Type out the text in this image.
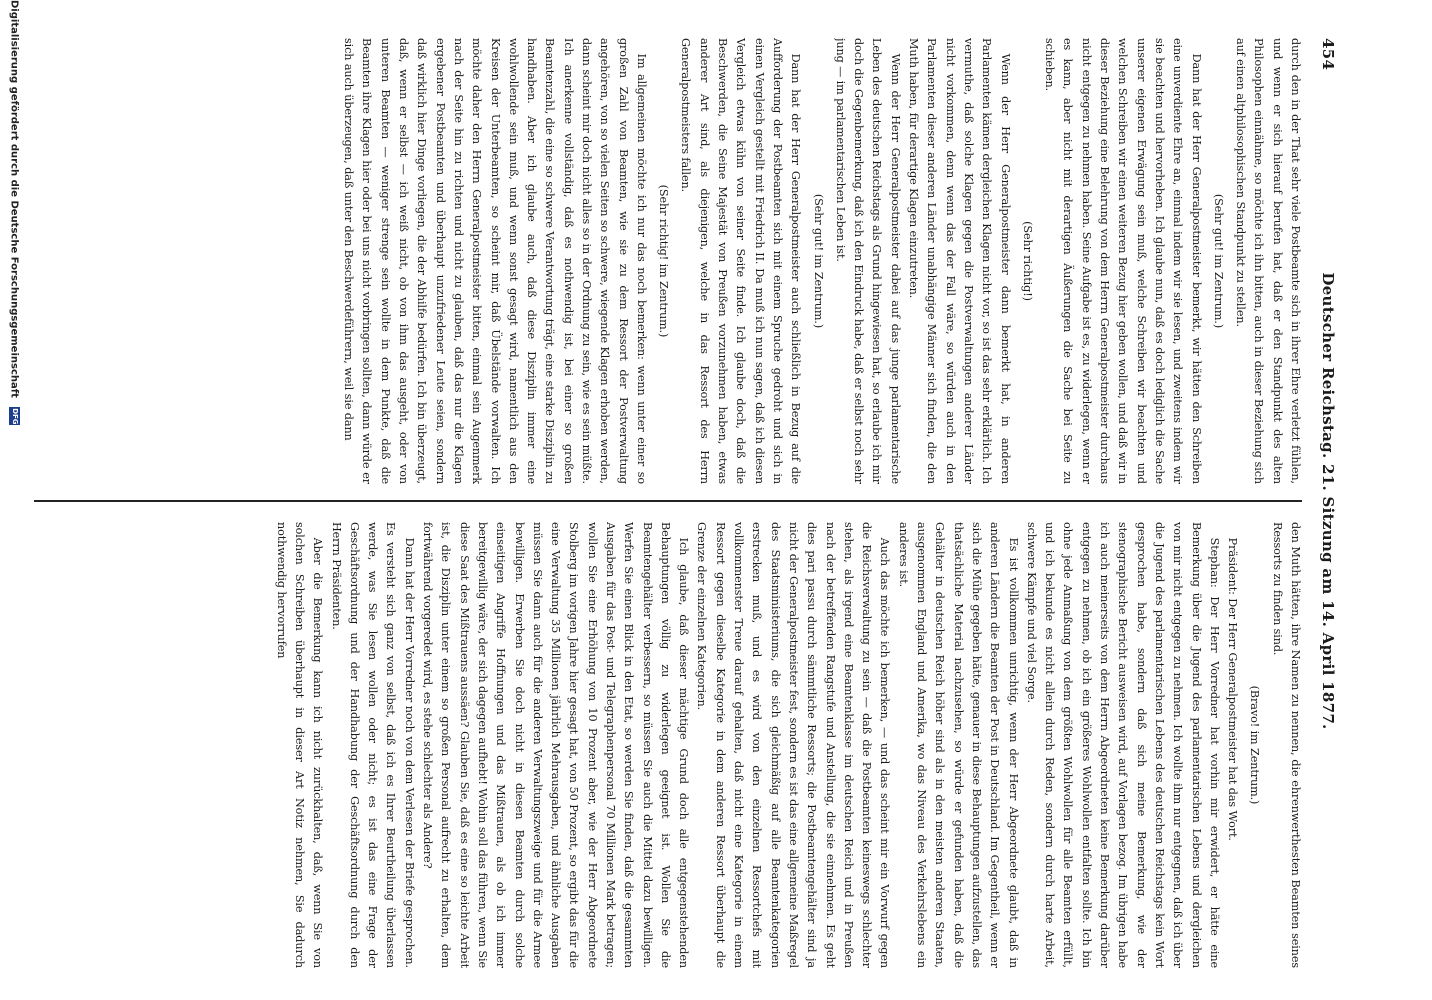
454
Deutscher Reichstag. 21. Sitzung am 14. April 1877.

durch den in der That sehr viele Postbeamte sich in ihrer Ehre verletzt fühlen, und wenn er sich hierauf berufen hat, daß er den Standpunkt des alten Philosophen einnähme, so möchte ich ihn bitten, auch in dieser Beziehung sich auf einen altphilosophischen Standpunkt zu stellen.

(Sehr gut! im Zentrum.)

Dann hat der Herr Generalpostmeister bemerkt, wir hätten den Schreiben eine unverdiente Ehre an, einmal indem wir sie lesen, und zweitens indem wir sie beachten und hervorheben. Ich glaube nun, daß es doch lediglich die Sache unserer eigenen Erwägung sein muß, welche Schreiben wir beachten und welchen Schreiben wir einen weiteren Bezug hier geben wollen, und daß wir in dieser Beziehung eine Belehrung von dem Herrn Generalpostmeister durchaus nicht entgegen zu nehmen haben. Seine Aufgabe ist es, zu widerlegen, wenn er es kann, aber nicht mit derartigen Äußerungen die Sache bei Seite zu schieben.

(Sehr richtig!)

Wenn der Herr Generalpostmeister dann bemerkt hat, in anderen Parlamenten kämen dergleichen Klagen nicht vor, so ist das sehr erklärlich. Ich vermuthe, daß solche Klagen gegen die Postverwaltungen anderer Länder nicht vorkommen, denn wenn das der Fall wäre, so würden auch in den Parlamenten dieser anderen Länder unabhängige Männer sich finden, die den Muth haben, für derartige Klagen einzutreten.

Wenn der Herr Generalpostmeister dabei auf das junge parlamentarische Leben des deutschen Reichstags als Grund hingewiesen hat, so erlaube ich mir doch die Gegenbemerkung, daß ich den Eindruck habe, daß er selbst noch sehr jung — im parlamentarischen Leben ist.

(Sehr gut! im Zentrum.)

Dann hat der Herr Generalpostmeister auch schließlich in Bezug auf die Aufforderung der Postbeamten sich mit einem Spruche gedroht und sich in einen Vergleich gestellt mit Friedrich II. Da muß ich nun sagen, daß ich diesen Vergleich etwas kühn von seiner Seite finde. Ich glaube doch, daß die Beschwerden, die Seine Majestät von Preußen vorzunehmen haben, etwas anderer Art sind, als diejenigen, welche in das Ressort des Herrn Generalpostmeisters fallen.

(Sehr richtig! im Zentrum.)

Im allgemeinen möchte ich nur das noch bemerken: wenn unter einer so großen Zahl von Beamten, wie sie zu dem Ressort der Postverwaltung angehören, von so vielen Seiten so schwere, wiegende Klagen erhoben werden, dann scheint mir doch nicht alles so in der Ordnung zu sein, wie es sein müßte. Ich anerkenne vollständig, daß es nothwendig ist, bei einer so großen Beamtenzahl, die eine so schwere Verantwortung trägt, eine starke Disziplin zu handhaben. Aber ich glaube auch, daß diese Disziplin immer eine wohlwollende sein muß, und wenn sonst gesagt wird, namentlich aus den Kreisen der Unterbeamten, so scheint mir, daß Übelstände vorwalten. Ich möchte daher den Herrn Generalpostmeister bitten, einmal sein Augenmerk nach der Seite hin zu richten und nicht zu glauben, daß das nur die Klagen ergebener Postbeamten und überhaupt unzufriedener Leute seien, sondern daß wirklich hier Dinge vorliegen, die der Abhilfe bedürfen. Ich bin überzeugt, daß, wenn er selbst — ich weiß nicht, ob von ihm das ausgeht, oder von unteren Beamten — weniger strenge sein wollte in dem Punkte, daß die Beamten ihre Klagen hier oder bei uns nicht vorbringen sollten, dann würde er sich auch überzeugen, daß unter den Beschwerdeführern, weil sie dann

den Muth hätten, ihre Namen zu nennen, die ehrenwerthesten Beamten seines Ressorts zu finden sind.

(Bravo! im Zentrum.)

Präsident: Der Herr Generalpostmeister hat das Wort.

Stephan: Der Herr Vorredner hat vorhin mir erwidert, er hätte eine Bemerkung über die Jugend des parlamentarischen Lebens und dergleichen von mir nicht entgegen zu nehmen. Ich wollte ihm nur entgegnen, daß ich über die Jugend des parlamentarischen Lebens des deutschen Reichstags kein Wort gesprochen habe, sondern daß sich meine Bemerkung, wie der stenographische Bericht ausweisen wird, auf Vorlagen bezog. Im übrigen habe ich auch meinerseits von dem Herrn Abgeordneten keine Bemerkung darüber entgegen zu nehmen, ob ich ein größeres Wohlwollen entfalten sollte. Ich bin ohne jede Anmaßung von dem größten Wohlwollen für alle Beamten erfüllt, und ich bekunde es nicht allein durch Reden, sondern durch harte Arbeit, schwere Kämpfe und viel Sorge.

Es ist vollkommen unrichtig, wenn der Herr Abgeordnete glaubt, daß in anderen Ländern die Beamten der Post in Deutschland. Im Gegentheil, wenn er sich die Mühe gegeben hätte, genauer in diese Behauptungen aufzustellen, das thatsächliche Material nachzusehen, so würde er gefunden haben, daß die Gehälter in deutschen Reich höher sind als in den meisten anderen Staaten, ausgenommen England und Amerika, wo das Niveau des Verkehrslebens ein anderes ist.

Auch das möchte ich bemerken, — und das scheint mir ein Vorwurf gegen die Reichsverwaltung zu sein — daß die Postbeamten keineswegs schlechter stehen, als irgend eine Beamtenklasse im deutschen Reich und in Preußen nach der betreffenden Rangstufe und Anstellung, die sie einnehmen. Es geht dies pari passu durch sämmtliche Ressorts; die Postbeamtengehälter sind ja nicht der Generalpostmeister fest, sondern es ist das eine allgemeine Maßregel des Staatsministeriums, die sich gleichmäßig auf alle Beamtenkategorien erstrecken muß, und es wird von den einzelnen Ressortchefs mit vollkommenster Treue darauf gehalten, daß nicht eine Kategorie in einem Ressort gegen dieselbe Kategorie in dem anderen Ressort überhaupt die Grenze der einzelnen Kategorien.

Ich glaube, daß dieser mächtige Grund doch alle entgegenstehenden Behauptungen völlig zu widerlegen geeignet ist. Wollen Sie die Beamtengehälter verbessern, so müssen Sie auch die Mittel dazu bewilligen. Werfen Sie einen Blick in den Etat, so werden Sie finden, daß die gesammten Ausgaben für das Post- und Telegraphenpersonal 70 Millionen Mark betragen; wollen Sie eine Erhöhung von 10 Prozent aber, wie der Herr Abgeordnete Stolberg im vorigen Jahre hier gesagt hat, von 50 Prozent, so ergibt das für die eine Verwaltung 35 Millionen jährlich Mehrausgaben, und ähnliche Ausgaben müssen Sie dann auch für die anderen Verwaltungszweige und für die Armee bewilligen. Erwerben Sie doch nicht in diesen Beamten durch solche einseitigen Angriffe Hoffnungen und das Mißtrauen, als ob ich immer bereitgewillig wäre, der sich dagegen aufhebt! Wohin soll das führen, wenn Sie diese Saat des Mißtrauens aussäen? Glauben Sie, daß es eine so leichte Arbeit ist, die Disziplin unter einem so großen Personal aufrecht zu erhalten, dem fortwährend vorgeredet wird, es stehe schlechter als Andere?

Dann hat der Herr Vorredner noch von dem Verlesen der Briefe gesprochen. Es versteht sich ganz von selbst, daß ich es Ihrer Beurtheilung überlassen werde, was Sie lesen wollen oder nicht; es ist das eine Frage der Geschäftsordnung und der Handhabung der Geschäftsordnung durch den Herrn Präsidenten.

Aber die Bemerkung kann ich nicht zurückhalten, daß, wenn Sie von solchen Schreiben überhaupt in dieser Art Notiz nehmen, Sie dadurch nothwendig hervorrufen

Digitalisierung gefördert durch die Deutsche Forschungsgemeinschaft DFG
